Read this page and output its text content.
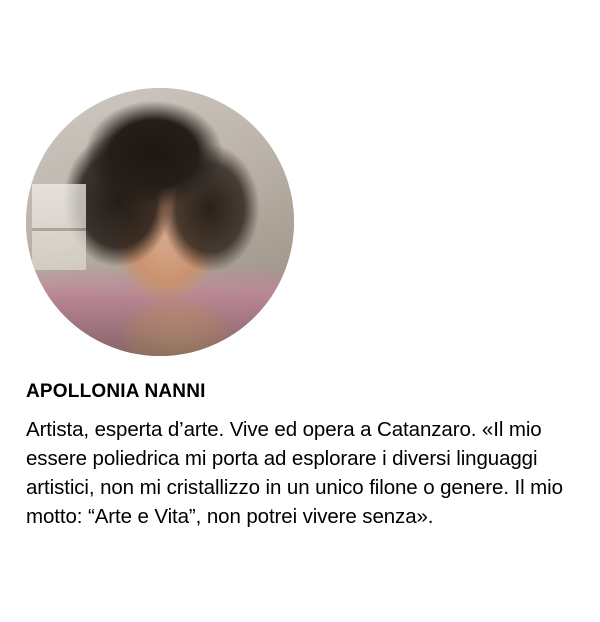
APOLLONIA NANNI
Artista, esperta d’arte. Vive ed opera a Catanzaro. «Il mio essere poliedrica mi porta ad esplorare i diversi linguaggi artistici, non mi cristallizzo in un unico filone o genere. Il mio motto: “Arte e Vita”, non potrei vivere senza».
